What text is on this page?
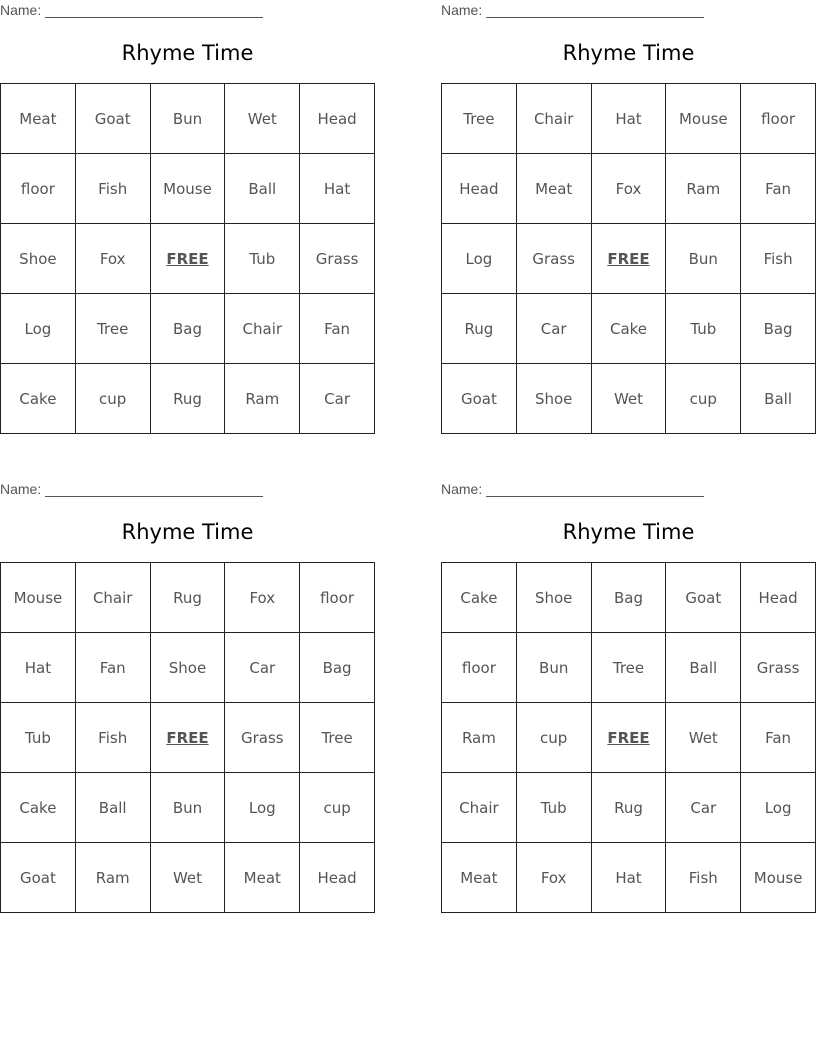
Name:
Rhyme Time
Meat	Goat	Bun	Wet	Head
floor	Fish	Mouse	Ball	Hat
Shoe	Fox	FREE	Tub	Grass
Log	Tree	Bag	Chair	Fan
Cake	cup	Rug	Ram	Car
Name:
Rhyme Time
Tree	Chair	Hat	Mouse	floor
Head	Meat	Fox	Ram	Fan
Log	Grass	FREE	Bun	Fish
Rug	Car	Cake	Tub	Bag
Goat	Shoe	Wet	cup	Ball
Name:
Rhyme Time
Mouse	Chair	Rug	Fox	floor
Hat	Fan	Shoe	Car	Bag
Tub	Fish	FREE	Grass	Tree
Cake	Ball	Bun	Log	cup
Goat	Ram	Wet	Meat	Head
Name:
Rhyme Time
Cake	Shoe	Bag	Goat	Head
floor	Bun	Tree	Ball	Grass
Ram	cup	FREE	Wet	Fan
Chair	Tub	Rug	Car	Log
Meat	Fox	Hat	Fish	Mouse
